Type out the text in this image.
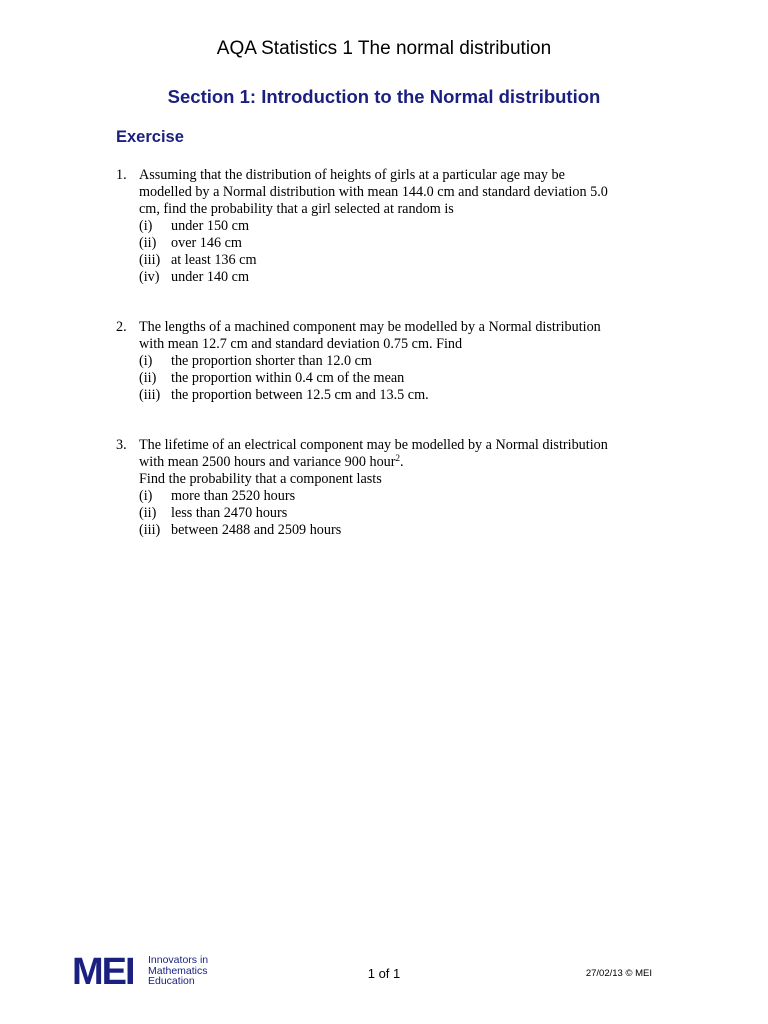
AQA Statistics 1 The normal distribution
Section 1: Introduction to the Normal distribution
Exercise
1. Assuming that the distribution of heights of girls at a particular age may be
modelled by a Normal distribution with mean 144.0 cm and standard deviation 5.0
cm, find the probability that a girl selected at random is
(i) under 150 cm
(ii) over 146 cm
(iii) at least 136 cm
(iv) under 140 cm
2. The lengths of a machined component may be modelled by a Normal distribution
with mean 12.7 cm and standard deviation 0.75 cm. Find
(i) the proportion shorter than 12.0 cm
(ii) the proportion within 0.4 cm of the mean
(iii) the proportion between 12.5 cm and 13.5 cm.
3. The lifetime of an electrical component may be modelled by a Normal distribution
with mean 2500 hours and variance 900 hour$^2$.
Find the probability that a component lasts
(i) more than 2520 hours
(ii) less than 2470 hours
(iii) between 2488 and 2509 hours
MEI Innovators in
Mathematics
Education
1 of 1	27/02/13 © MEI
